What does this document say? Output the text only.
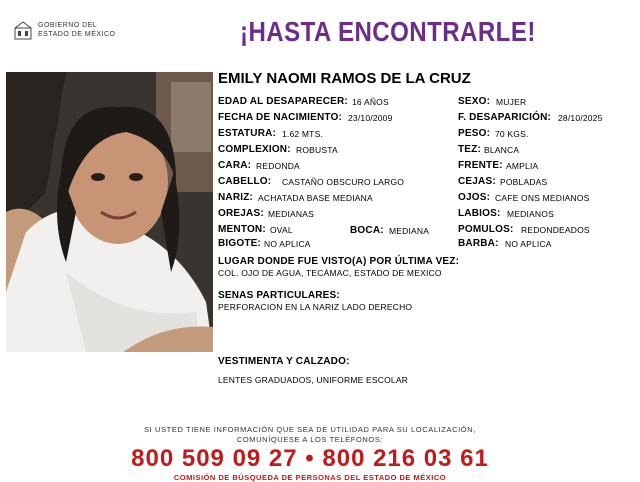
GOBIERNO DEL
ESTADO DE MÉXICO	¡HASTA ENCONTRARLE!
EMILY NAOMI RAMOS DE LA CRUZ
EDAD AL DESAPARECER: 16 AÑOS
FECHA DE NACIMIENTO: 23/10/2009
ESTATURA: 1.62 MTS.
COMPLEXION: ROBUSTA
CARA: REDONDA
CABELLO: CASTAÑO OBSCURO LARGO
NARIZ: ACHATADA BASE MEDIANA
OREJAS: MEDIANAS
MENTON: OVAL	BOCA: MEDIANA
BIGOTE: NO APLICA
SEXO: MUJER
F. DESAPARICIÓN: 28/10/2025
PESO: 70 KGS.
TEZ: BLANCA
FRENTE: AMPLIA
CEJAS: POBLADAS
OJOS: CAFE ONS MEDIANOS
LABIOS: MEDIANOS
POMULOS: REDONDEADOS
BARBA: NO APLICA
LUGAR DONDE FUE VISTO(A) POR ÚLTIMA VEZ:
COL. OJO DE AGUA, TECÁMAC, ESTADO DE MEXICO
SENAS PARTICULARES:
PERFORACION EN LA NARIZ LADO DERECHO
VESTIMENTA Y CALZADO:
LENTES GRADUADOS, UNIFORME ESCOLAR
SI USTED TIENE INFORMACIÓN QUE SEA DE UTILIDAD PARA SU LOCALIZACIÓN,
COMUNÍQUESE A LOS TELÉFONOS:
800 509 09 27 • 800 216 03 61
COMISIÓN DE BÚSQUEDA DE PERSONAS DEL ESTADO DE MÉXICO
